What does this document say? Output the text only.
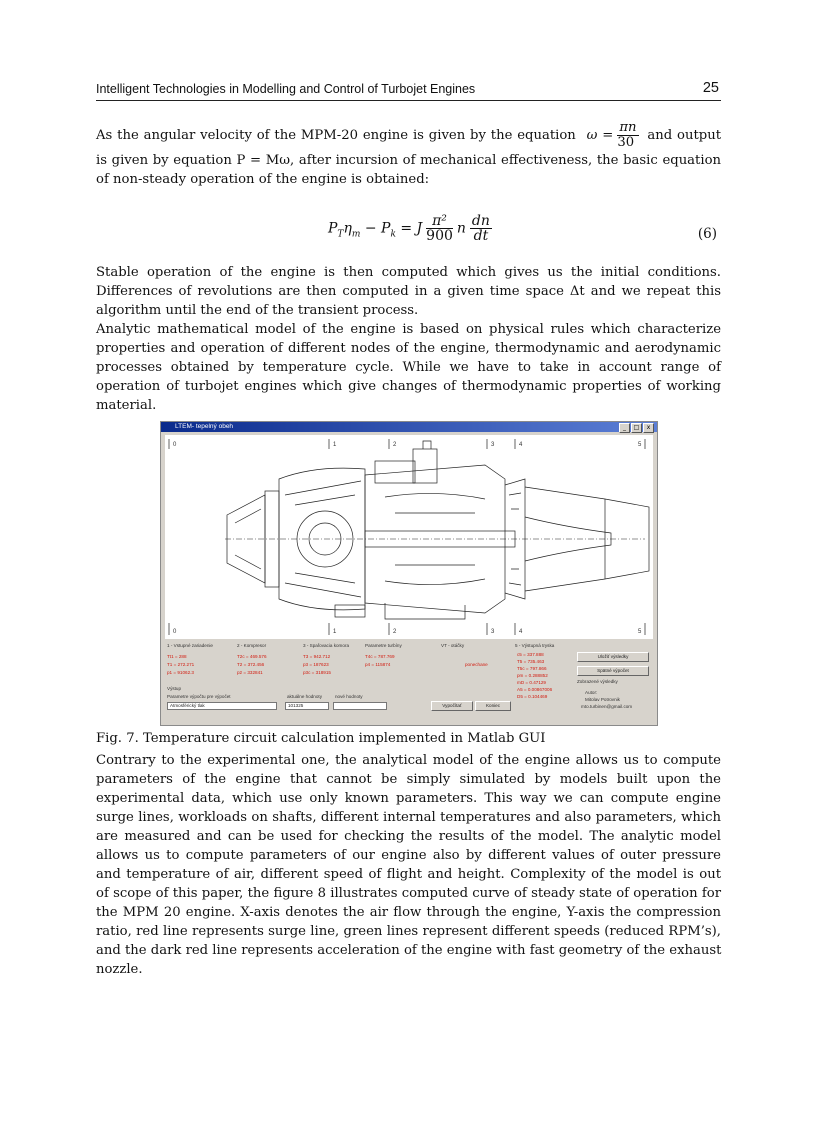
Intelligent Technologies in Modelling and Control of Turbojet Engines	25
As the angular velocity of the MPM-20 engine is given by the equation $\omega = \frac{\pi n}{30}$ and output
is given by equation P = Mω, after incursion of mechanical effectiveness, the basic equation
of non-steady operation of the engine is obtained:
$P_T\eta_m - P_k = J \frac{\text{π²}}{900}$ n $\frac{dn}{dt}$	(6)
Stable operation of the engine is then computed which gives us the initial conditions.
Differences of revolutions are then computed in a given time space Δt and we repeat this
algorithm until the end of the transient process.
Analytic mathematical model of the engine is based on physical rules which characterize
properties and operation of different nodes of the engine, thermodynamic and aerodynamic
processes obtained by temperature cycle. While we have to take in account range of
operation of turbojet engines which give changes of thermodynamic properties of working
material.
LTEM- tepelný obeh	_ □ x
0	1	2	3	4	5
0	1	2	3	4	5
1 - Vstupné zariadenie	2 - Kompresor	3 - Spaľovacia komora	Parametre turbíny	VT - otáčky	5 - Výstupná tryska
Tt1 = 288
T1 = 272.271
p1 = 91062.3
T2c = 469.576
T2 = 372.456
p2 = 332841
T3 = 942.712
p3 = 187623
p3c = 318915
T4c = 787.769
p4 = 115874	ponechane
c5 = 337.888
T5 = 735.463
T5c = 797.866
pm = 0.288852
mD = 0.47129
A5 = 0.00867006
D5 = 0.104469
Uložiť výsledky
Spätné výpočet
Zobrazené výsledky
Autor:
Mitolav Potrovnik
mto.turbinen@gmail.com
Výstup
Parametre výpočtu pre výpočet	aktuálne hodnoty	nové hodnoty
Atmosférický tlak	101325	Vypočítať	Koniec
Fig. 7. Temperature circuit calculation implemented in Matlab GUI
Contrary to the experimental one, the analytical model of the engine allows us to compute
parameters of the engine that cannot be simply simulated by models built upon the
experimental data, which use only known parameters. This way we can compute engine
surge lines, workloads on shafts, different internal temperatures and also parameters, which
are measured and can be used for checking the results of the model. The analytic model
allows us to compute parameters of our engine also by different values of outer pressure
and temperature of air, different speed of flight and height. Complexity of the model is out
of scope of this paper, the figure 8 illustrates computed curve of steady state of operation for
the MPM 20 engine. X-axis denotes the air flow through the engine, Y-axis the compression
ratio, red line represents surge line, green lines represent different speeds (reduced RPM’s),
and the dark red line represents acceleration of the engine with fast geometry of the exhaust
nozzle.
